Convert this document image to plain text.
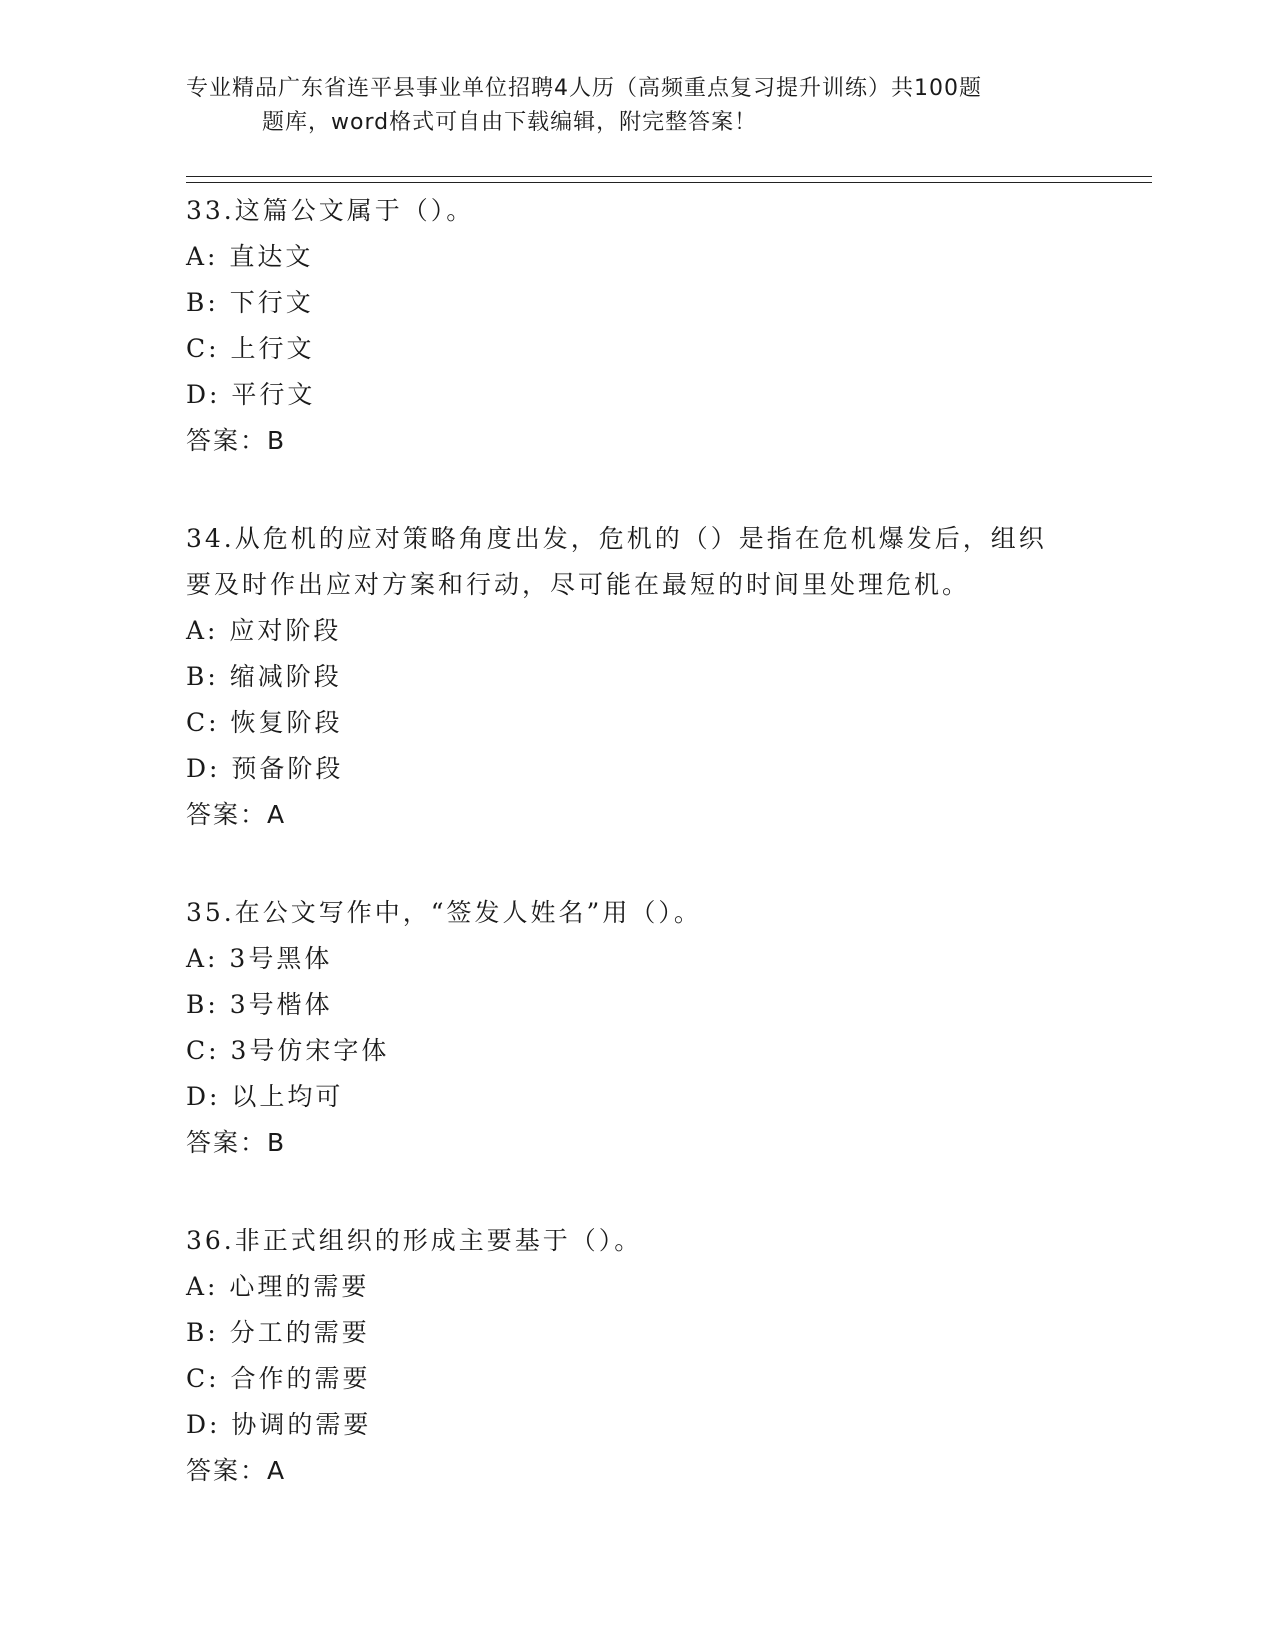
专业精品广东省连平县事业单位招聘4人历（高频重点复习提升训练）共100题
题库，word格式可自由下载编辑，附完整答案！
33.这篇公文属于（）。
A: 直达文
B: 下行文
C: 上行文
D: 平行文
答案：B
34.从危机的应对策略角度出发，危机的（）是指在危机爆发后，组织要及时作出应对方案和行动，尽可能在最短的时间里处理危机。
A: 应对阶段
B: 缩减阶段
C: 恢复阶段
D: 预备阶段
答案：A
35.在公文写作中，“签发人姓名”用（）。
A: 3号黑体
B: 3号楷体
C: 3号仿宋字体
D: 以上均可
答案：B
36.非正式组织的形成主要基于（）。
A: 心理的需要
B: 分工的需要
C: 合作的需要
D: 协调的需要
答案：A
